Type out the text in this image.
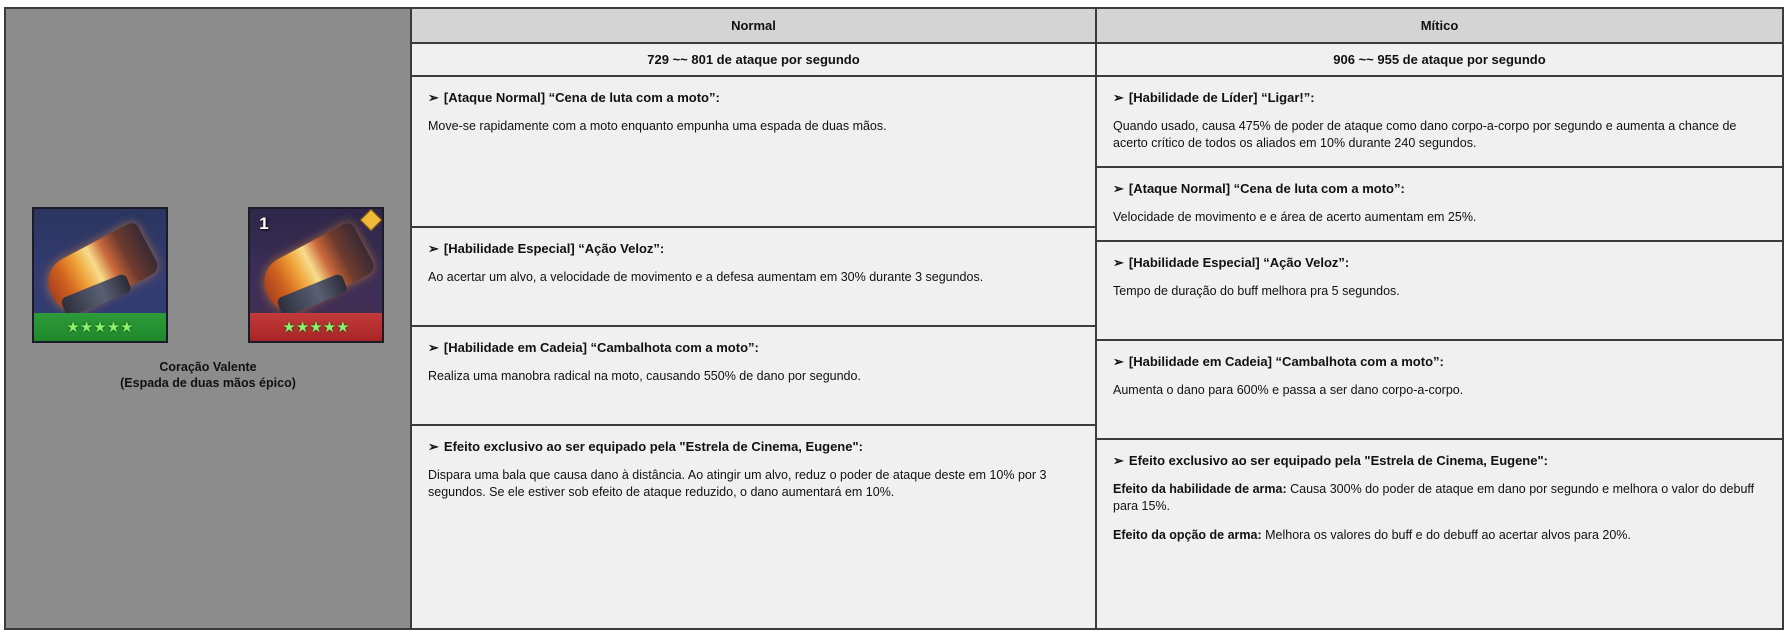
★★★★★
1
★★★★★
Coração Valente
(Espada de duas mãos épico)
Normal	Mítico
729 ~~ 801 de ataque por segundo	906 ~~ 955 de ataque por segundo
➢ [Ataque Normal] “Cena de luta com a moto”:
Move-se rapidamente com a moto enquanto empunha uma espada de duas mãos.
➢ [Habilidade Especial] “Ação Veloz”:
Ao acertar um alvo, a velocidade de movimento e a defesa aumentam em 30% durante 3 segundos.
➢ [Habilidade em Cadeia] “Cambalhota com a moto”:
Realiza uma manobra radical na moto, causando 550% de dano por segundo.
➢ Efeito exclusivo ao ser equipado pela "Estrela de Cinema, Eugene":
Dispara uma bala que causa dano à distância. Ao atingir um alvo, reduz o poder de ataque deste em 10% por 3 segundos. Se ele estiver sob efeito de ataque reduzido, o dano aumentará em 10%.
➢ [Habilidade de Líder] “Ligar!”:
Quando usado, causa 475% de poder de ataque como dano corpo-a-corpo por segundo e aumenta a chance de acerto crítico de todos os aliados em 10% durante 240 segundos.
➢ [Ataque Normal] “Cena de luta com a moto”:
Velocidade de movimento e e área de acerto aumentam em 25%.
➢ [Habilidade Especial] “Ação Veloz”:
Tempo de duração do buff melhora pra 5 segundos.
➢ [Habilidade em Cadeia] “Cambalhota com a moto”:
Aumenta o dano para 600% e passa a ser dano corpo-a-corpo.
➢ Efeito exclusivo ao ser equipado pela "Estrela de Cinema, Eugene":
Efeito da habilidade de arma: Causa 300% do poder de ataque em dano por segundo e melhora o valor do debuff para 15%.
Efeito da opção de arma: Melhora os valores do buff e do debuff ao acertar alvos para 20%.
